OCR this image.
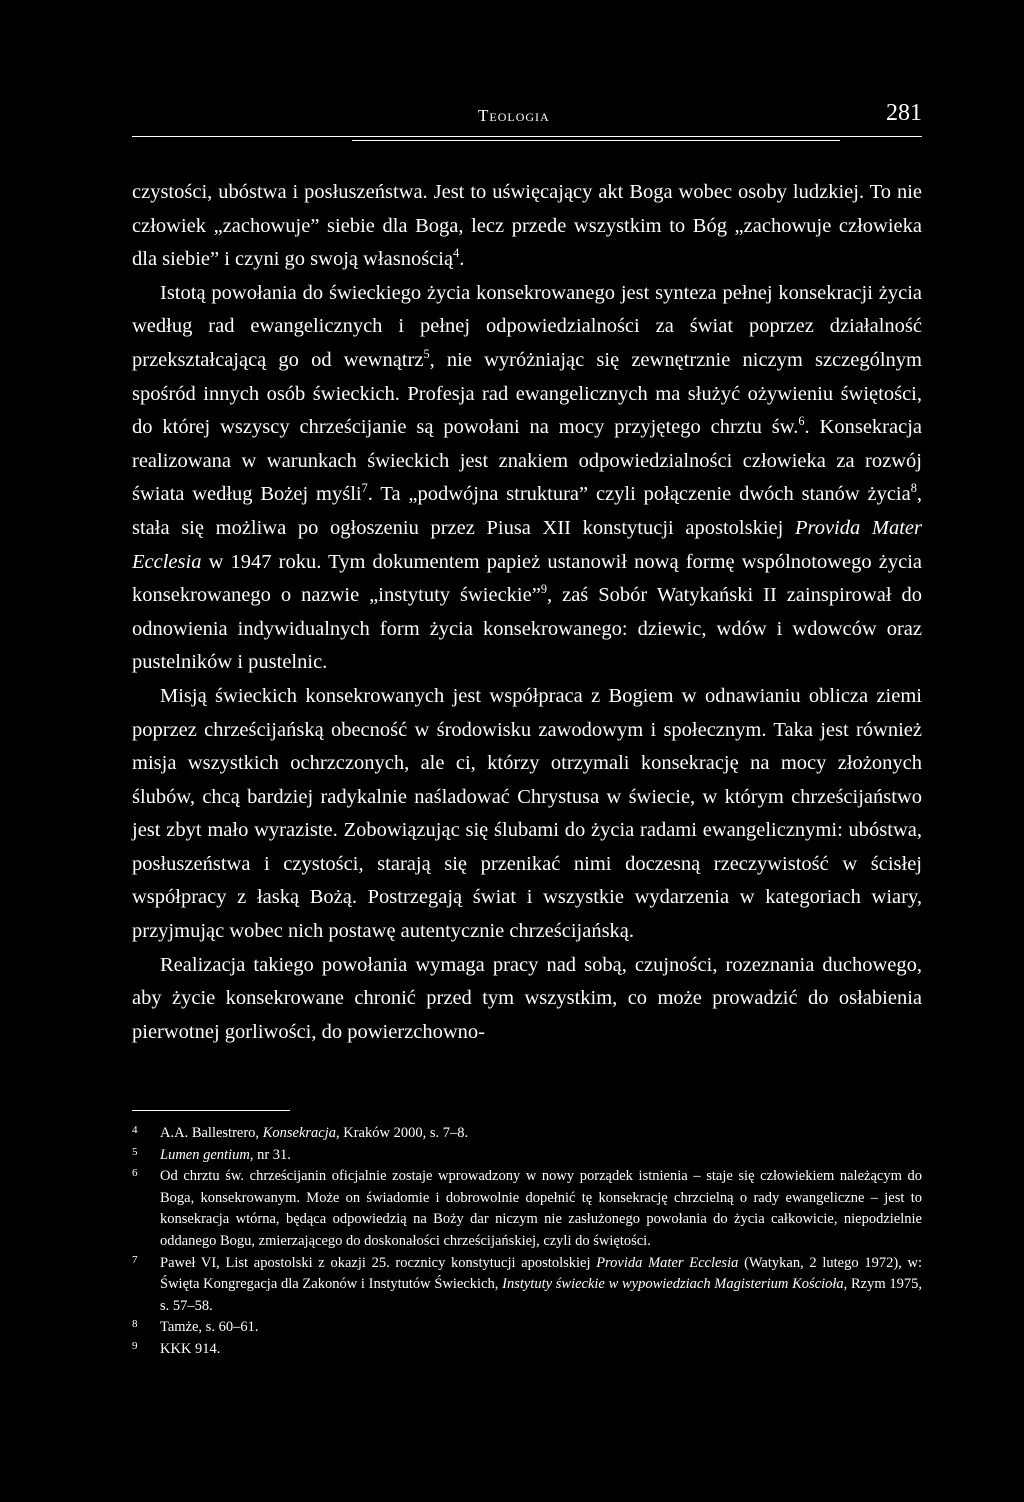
Teologia	281

czystości, ubóstwa i posłuszeństwa. Jest to uświęcający akt Boga wobec osoby ludzkiej. To nie człowiek „zachowuje” siebie dla Boga, lecz przede wszystkim to Bóg „zachowuje człowieka dla siebie” i czyni go swoją własnością$^4$.

Istotą powołania do świeckiego życia konsekrowanego jest synteza pełnej konsekracji życia według rad ewangelicznych i pełnej odpowiedzialności za świat poprzez działalność przekształcającą go od wewnątrz$^5$, nie wyróżniając się zewnętrznie niczym szczególnym spośród innych osób świeckich. Profesja rad ewangelicznych ma służyć ożywieniu świętości, do której wszyscy chrześcijanie są powołani na mocy przyjętego chrztu św.$^6$. Konsekracja realizowana w warunkach świeckich jest znakiem odpowiedzialności człowieka za rozwój świata według Bożej myśli$^7$. Ta „podwójna struktura” czyli połączenie dwóch stanów życia$^8$, stała się możliwa po ogłoszeniu przez Piusa XII konstytucji apostolskiej Provida Mater Ecclesia w 1947 roku. Tym dokumentem papież ustanowił nową formę wspólnotowego życia konsekrowanego o nazwie „instytuty świeckie”$^9$, zaś Sobór Watykański II zainspirował do odnowienia indywidualnych form życia konsekrowanego: dziewic, wdów i wdowców oraz pustelników i pustelnic.

Misją świeckich konsekrowanych jest współpraca z Bogiem w odnawianiu oblicza ziemi poprzez chrześcijańską obecność w środowisku zawodowym i społecznym. Taka jest również misja wszystkich ochrzczonych, ale ci, którzy otrzymali konsekrację na mocy złożonych ślubów, chcą bardziej radykalnie naśladować Chrystusa w świecie, w którym chrześcijaństwo jest zbyt mało wyraziste. Zobowiązując się ślubami do życia radami ewangelicznymi: ubóstwa, posłuszeństwa i czystości, starają się przenikać nimi doczesną rzeczywistość w ścisłej współpracy z łaską Bożą. Postrzegają świat i wszystkie wydarzenia w kategoriach wiary, przyjmując wobec nich postawę autentycznie chrześcijańską.

Realizacja takiego powołania wymaga pracy nad sobą, czujności, rozeznania duchowego, aby życie konsekrowane chronić przed tym wszystkim, co może prowadzić do osłabienia pierwotnej gorliwości, do powierzchowno-

4 A.A. Ballestrero, Konsekracja, Kraków 2000, s. 7–8.
5 Lumen gentium, nr 31.
6 Od chrztu św. chrześcijanin oficjalnie zostaje wprowadzony w nowy porządek istnienia – staje się człowiekiem należącym do Boga, konsekrowanym. Może on świadomie i dobrowolnie dopełnić tę konsekrację chrzcielną o rady ewangeliczne – jest to konsekracja wtórna, będąca odpowiedzią na Boży dar niczym nie zasłużonego powołania do życia całkowicie, niepodzielnie oddanego Bogu, zmierzającego do doskonałości chrześcijańskiej, czyli do świętości.
7 Paweł VI, List apostolski z okazji 25. rocznicy konstytucji apostolskiej Provida Mater Ecclesia (Watykan, 2 lutego 1972), w: Święta Kongregacja dla Zakonów i Instytutów Świeckich, Instytuty świeckie w wypowiedziach Magisterium Kościoła, Rzym 1975, s. 57–58.
8 Tamże, s. 60–61.
9 KKK 914.
